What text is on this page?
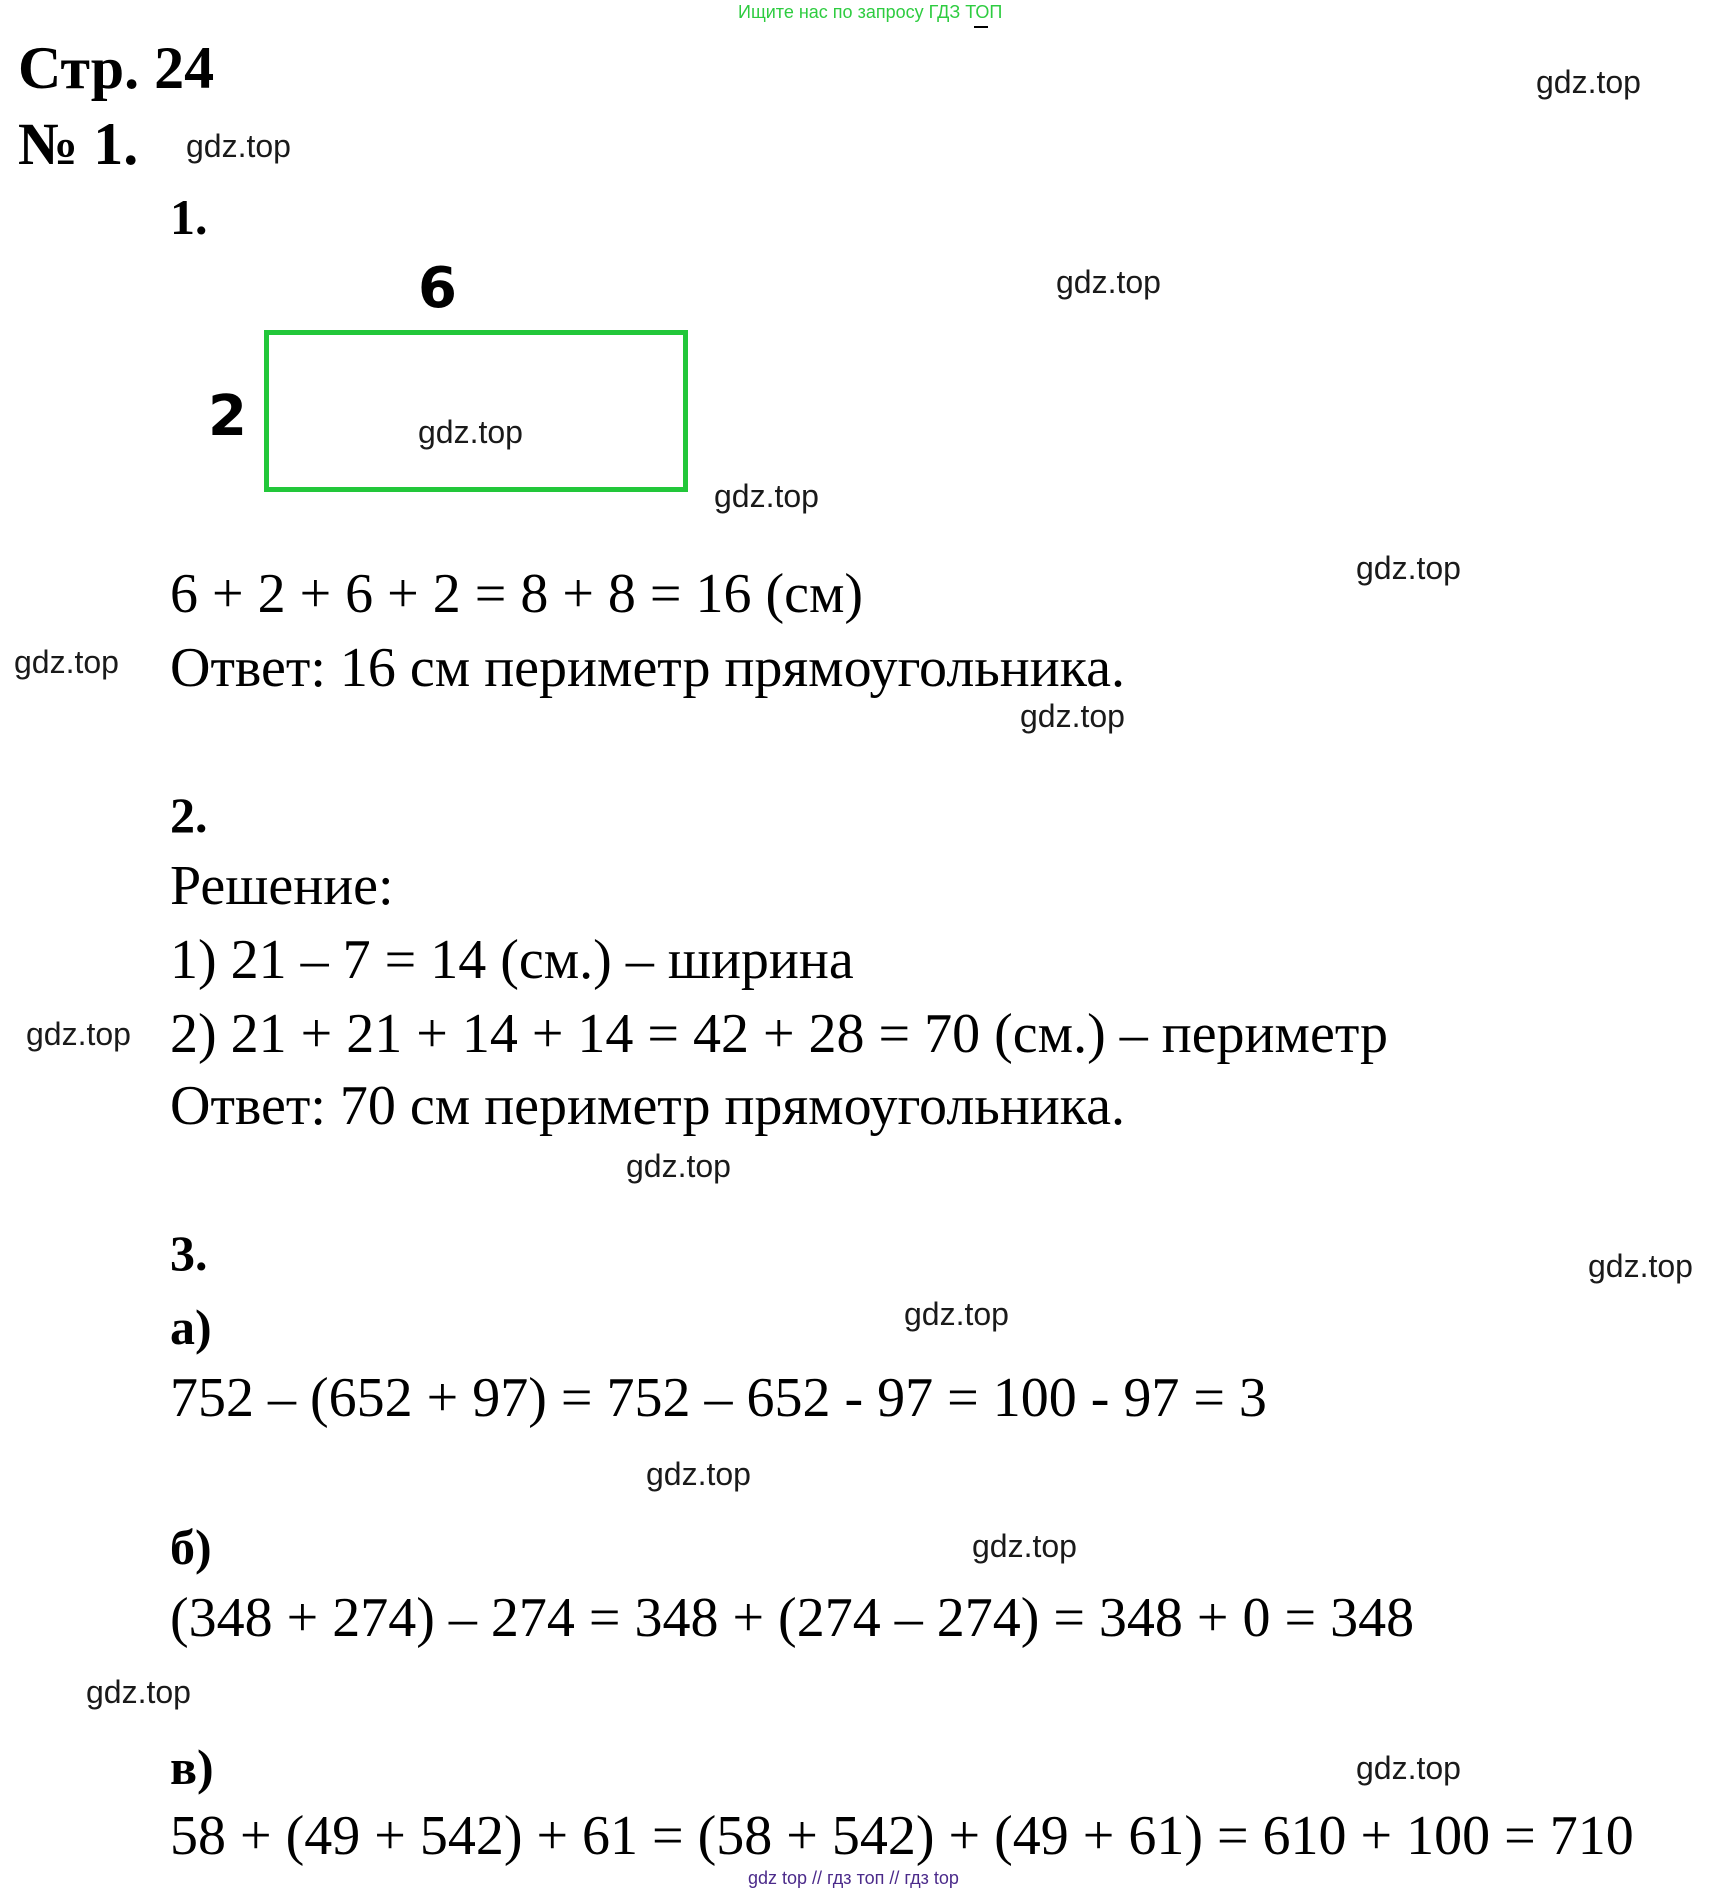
Ищите нас по запросу ГДЗ ТОП
Стр. 24
№ 1.
1.
6
2
6 + 2 + 6 + 2 = 8 + 8 = 16 (см)
Ответ: 16 см периметр прямоугольника.
2.
Решение:
1) 21 – 7 = 14 (см.) – ширина
2) 21 + 21 + 14 + 14 = 42 + 28 = 70 (см.) – периметр
Ответ: 70 см периметр прямоугольника.
3.
а)
752 – (652 + 97) = 752 – 652 - 97 = 100 - 97 = 3
б)
(348 + 274) – 274 = 348 + (274 – 274) = 348 + 0 = 348
в)
58 + (49 + 542) + 61 = (58 + 542) + (49 + 61) = 610 + 100 = 710
gdz.top
gdz.top
gdz.top
gdz.top
gdz.top
gdz.top
gdz.top
gdz.top
gdz.top
gdz.top
gdz.top
gdz.top
gdz.top
gdz.top
gdz.top
gdz.top
gdz top // гдз топ // гдз top
